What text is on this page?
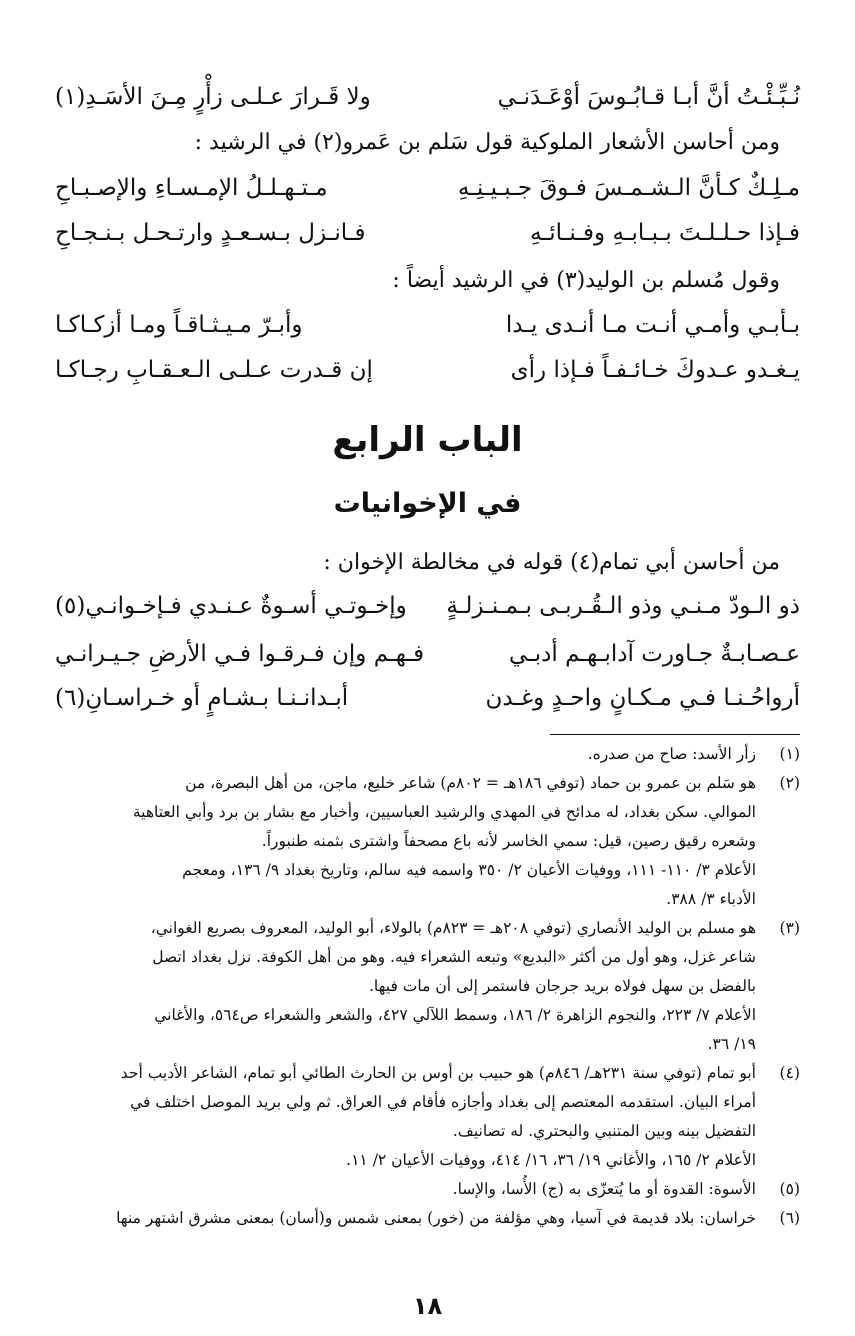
نُـبِّـئْـتُ أنَّ أبـا قـابُـوسَ أوْعَـدَنـي
ولا قَـرارَ عـلـى زأْرٍ مِـنَ الأسَـدِ(١)
ومن أحاسن الأشعار الملوكية قول سَلم بن عَمرو(٢) في الرشيد :
مـلِـكٌ كـأنَّ الـشـمـسَ فـوقَ جـبـيـنِـهِ
مـتـهـلـلُ الإمـسـاءِ والإصـبـاحِ
فـإذا حـلـلـتَ بـبـابـهِ وفـنـائـهِ
فـانـزل بـسـعـدٍ وارتـحـل بـنـجـاحِ
وقول مُسلم بن الوليد(٣) في الرشيد أيضاً :
بـأبـي وأمـي أنـت مـا أنـدى يـدا
وأبـرّ مـيـثـاقـاً ومـا أزكـاكـا
يـغـدو عـدوكَ خـائـفـاً فـإذا رأى
إن قـدرت عـلـى الـعـقـابِ رجـاكـا
الباب الرابع
في الإخوانيات
من أحاسن أبي تمام(٤) قوله في مخالطة الإخوان :
ذو الـودّ مـنـي وذو الـقُـربـى بـمـنـزلـةٍ
وإخـوتـي أسـوةٌ عـنـدي فـإخـوانـي(٥)
عـصـابـةٌ جـاورت آدابـهـم أدبـي
فـهـم وإن فـرقـوا فـي الأرضِ جـيـرانـي
أرواحُـنـا فـي مـكـانٍ واحـدٍ وغـدن
أبـدانـنـا بـشـامٍ أو خـراسـانِ(٦)
(١)
زأر الأسد: صاح من صدره.
(٢)
هو سَلم بن عمرو بن حماد (توفي ١٨٦هـ = ٨٠٢م) شاعر خليع، ماجن، من أهل البصرة، من
الموالي. سكن بغداد، له مدائح في المهدي والرشيد العباسيين، وأخبار مع بشار بن برد وأبي العتاهية
وشعره رقيق رصين، قيل: سمي الخاسر لأنه باع مصحفاً واشترى بثمنه طنبوراً.
الأعلام ٣/ ١١٠- ١١١، ووفيات الأعيان ٢/ ٣٥٠ واسمه فيه سالم، وتاريخ بغداد ٩/ ١٣٦، ومعجم
الأدباء ٣/ ٣٨٨.
(٣)
هو مسلم بن الوليد الأنصاري (توفي ٢٠٨هـ = ٨٢٣م) بالولاء، أبو الوليد، المعروف بصريع الغواني،
شاعر غزل، وهو أول من أكثر «البديع» وتبعه الشعراء فيه. وهو من أهل الكوفة. نزل بغداد اتصل
بالفضل بن سهل فولاه بريد جرجان فاستمر إلى أن مات فيها.
الأعلام ٧/ ٢٢٣، والنجوم الزاهرة ٢/ ١٨٦، وسمط اللآلي ٤٢٧، والشعر والشعراء ص٥٦٤، والأغاني
١٩/ ٣٦.
(٤)
أبو تمام (توفي سنة ٢٣١هـ/ ٨٤٦م) هو حبيب بن أوس بن الحارث الطائي أبو تمام، الشاعر الأديب أحد
أمراء البيان. استقدمه المعتصم إلى بغداد وأجازه فأقام في العراق. ثم ولي بريد الموصل اختلف في
التفضيل بينه وبين المتنبي والبحتري. له تصانيف.
الأعلام ٢/ ١٦٥، والأغاني ١٩/ ٣٦، ١٦/ ٤١٤، ووفيات الأعيان ٢/ ١١.
(٥)
الأسوة: القدوة أو ما يُتعزّى به (ج) الأُسا، والإسا.
(٦)
خراسان: بلاد قديمة في آسيا، وهي مؤلفة من (خور) بمعنى شمس و(أسان) بمعنى مشرق اشتهر منها
١٨
